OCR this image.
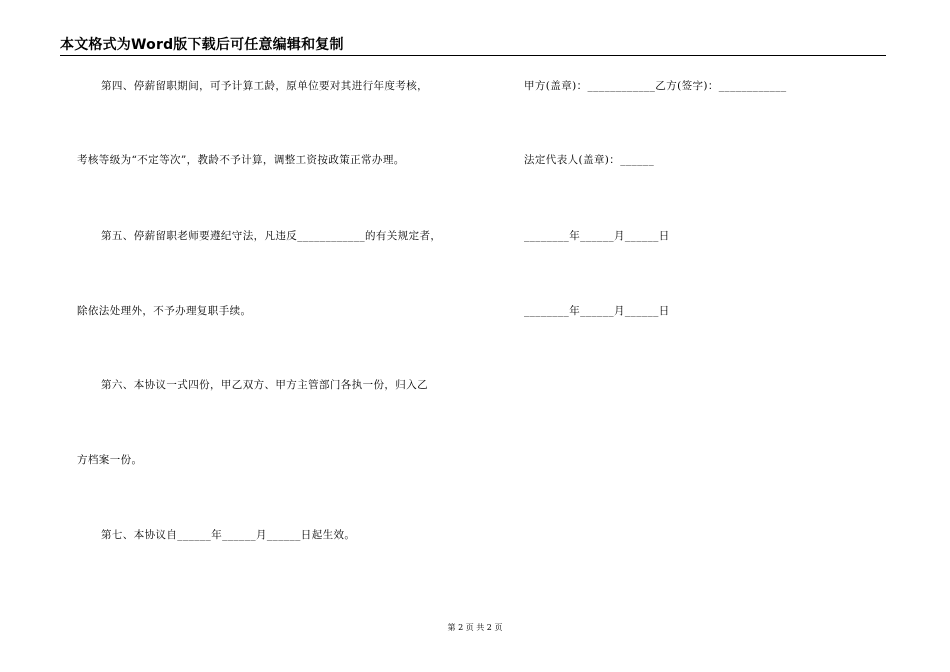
本文格式为Word版下载后可任意编辑和复制
第四、停薪留职期间，可予计算工龄，原单位要对其进行年度考核，
考核等级为“不定等次”，教龄不予计算，调整工资按政策正常办理。
第五、停薪留职老师要遵纪守法，凡违反____________的有关规定者，
除依法处理外，不予办理复职手续。
第六、本协议一式四份，甲乙双方、甲方主管部门各执一份，归入乙
方档案一份。
第七、本协议自______年______月______日起生效。
甲方(盖章)：____________乙方(签字)：____________
法定代表人(盖章)：______
________年______月______日
________年______月______日
第 2 页 共 2 页
